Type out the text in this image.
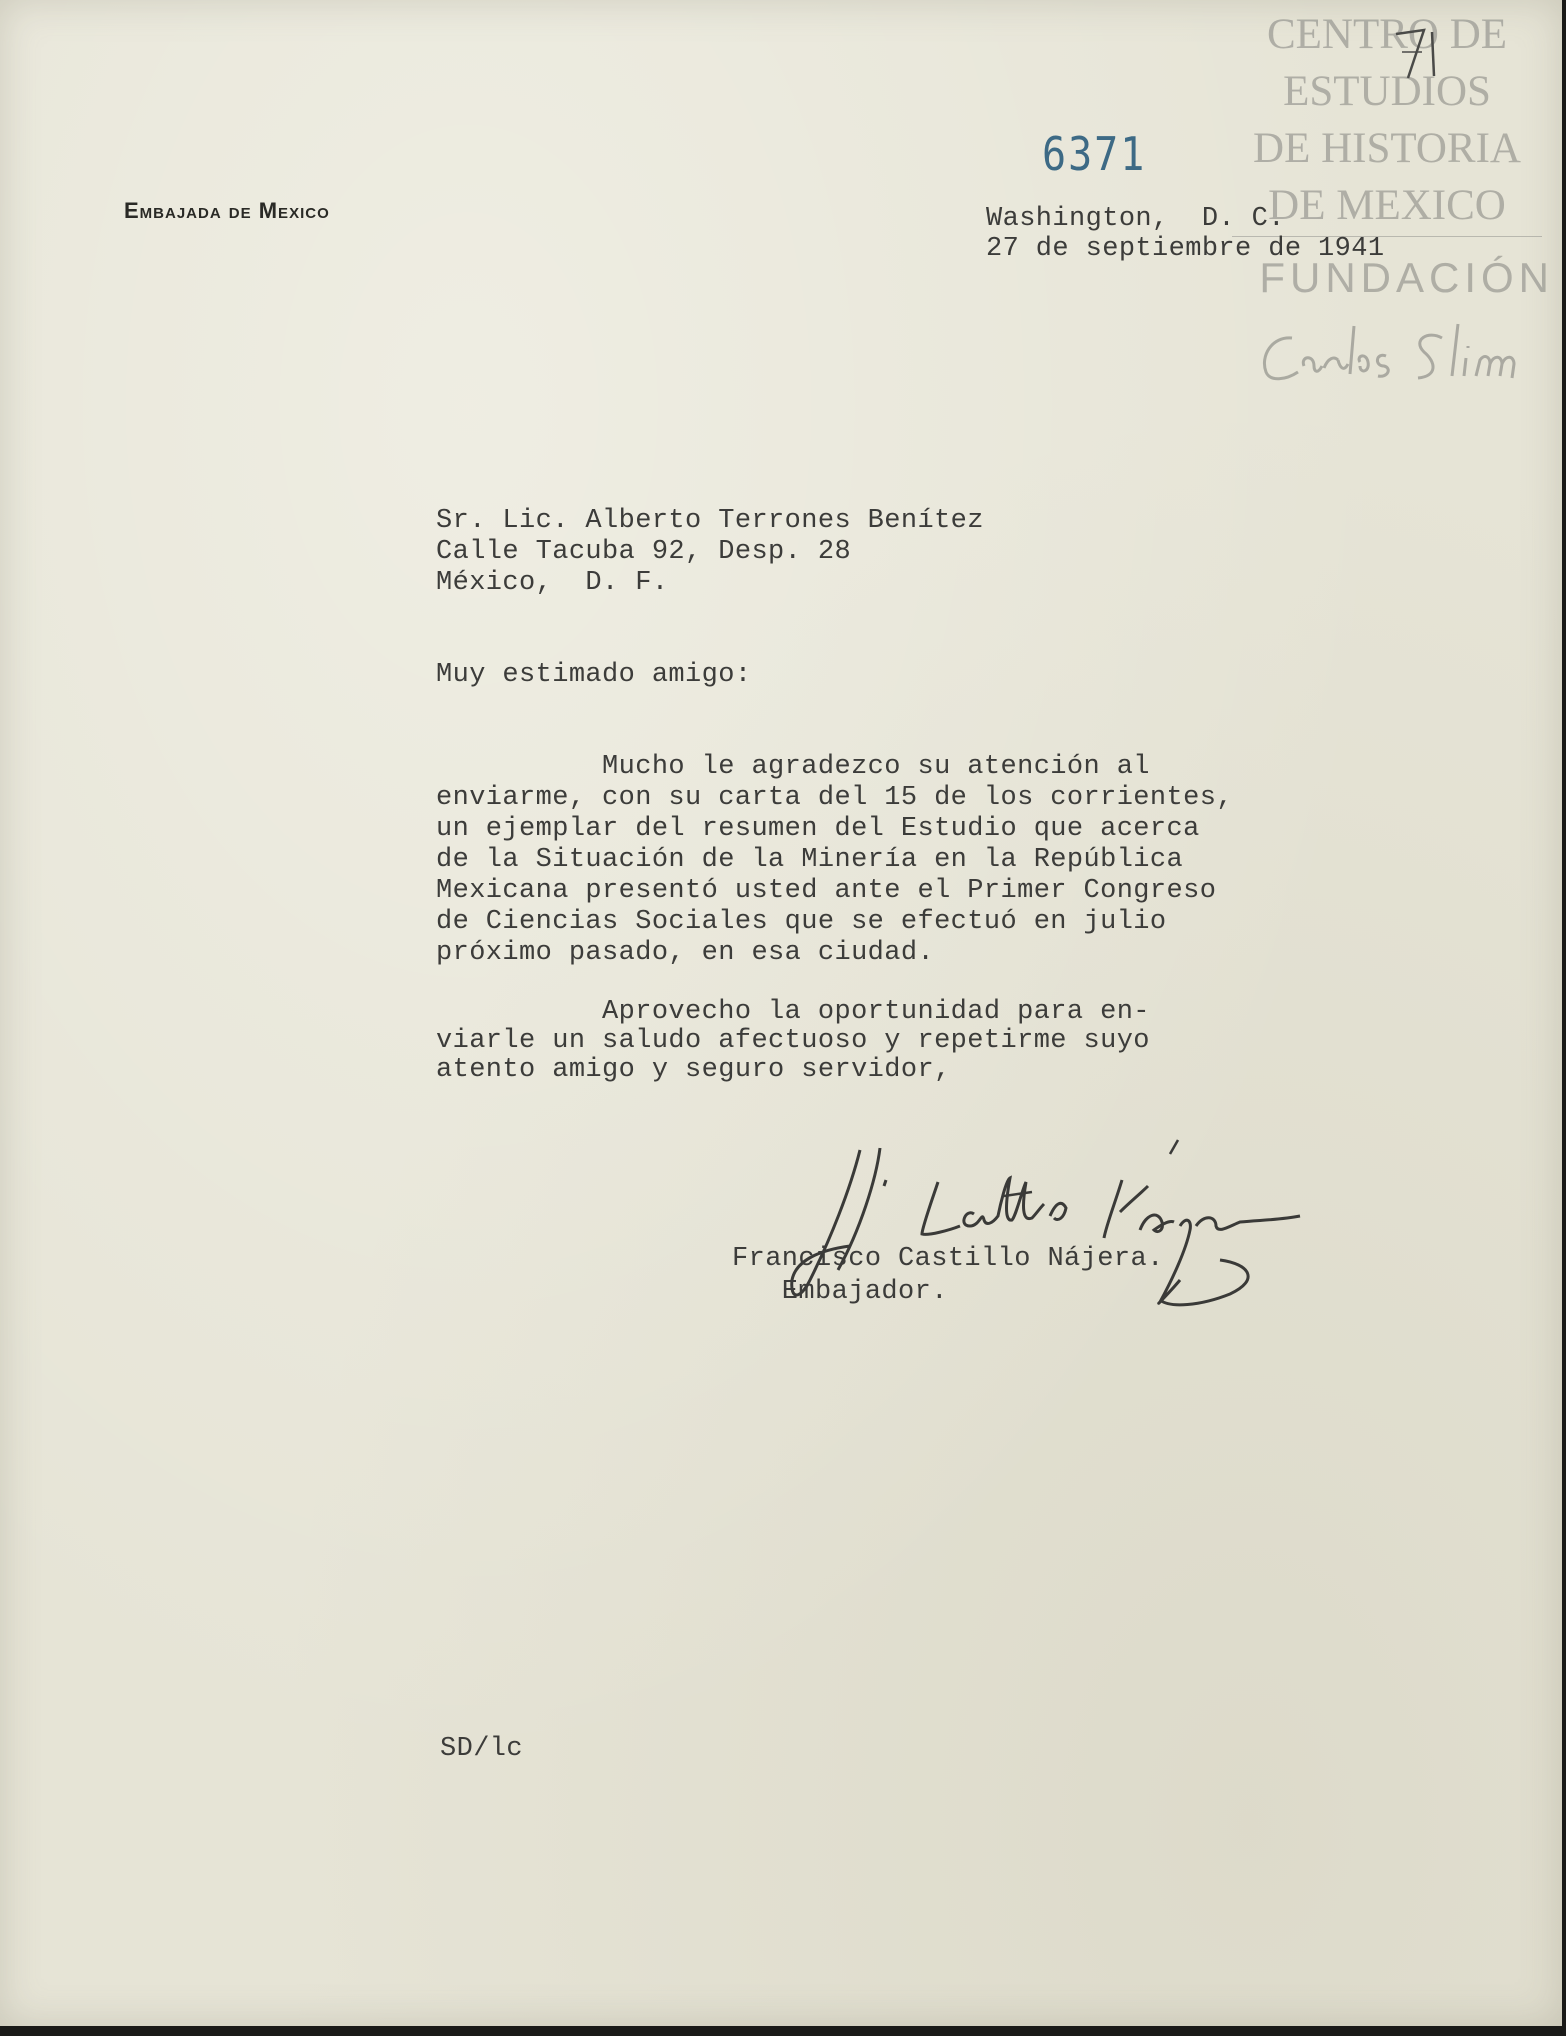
Embajada de Mexico
6371
CENTRO DE
ESTUDIOS
DE HISTORIA
DE MEXICO
FUNDACIÓN
Washington,  D. C.
27 de septiembre de 1941
Sr. Lic. Alberto Terrones Benítez
Calle Tacuba 92, Desp. 28
México,  D. F.
Muy estimado amigo:
Mucho le agradezco su atención al
enviarme, con su carta del 15 de los corrientes,
un ejemplar del resumen del Estudio que acerca
de la Situación de la Minería en la República
Mexicana presentó usted ante el Primer Congreso
de Ciencias Sociales que se efectuó en julio
próximo pasado, en esa ciudad.
Aprovecho la oportunidad para en-
viarle un saludo afectuoso y repetirme suyo
atento amigo y seguro servidor,
Francisco Castillo Nájera.
Embajador.
SD/lc
